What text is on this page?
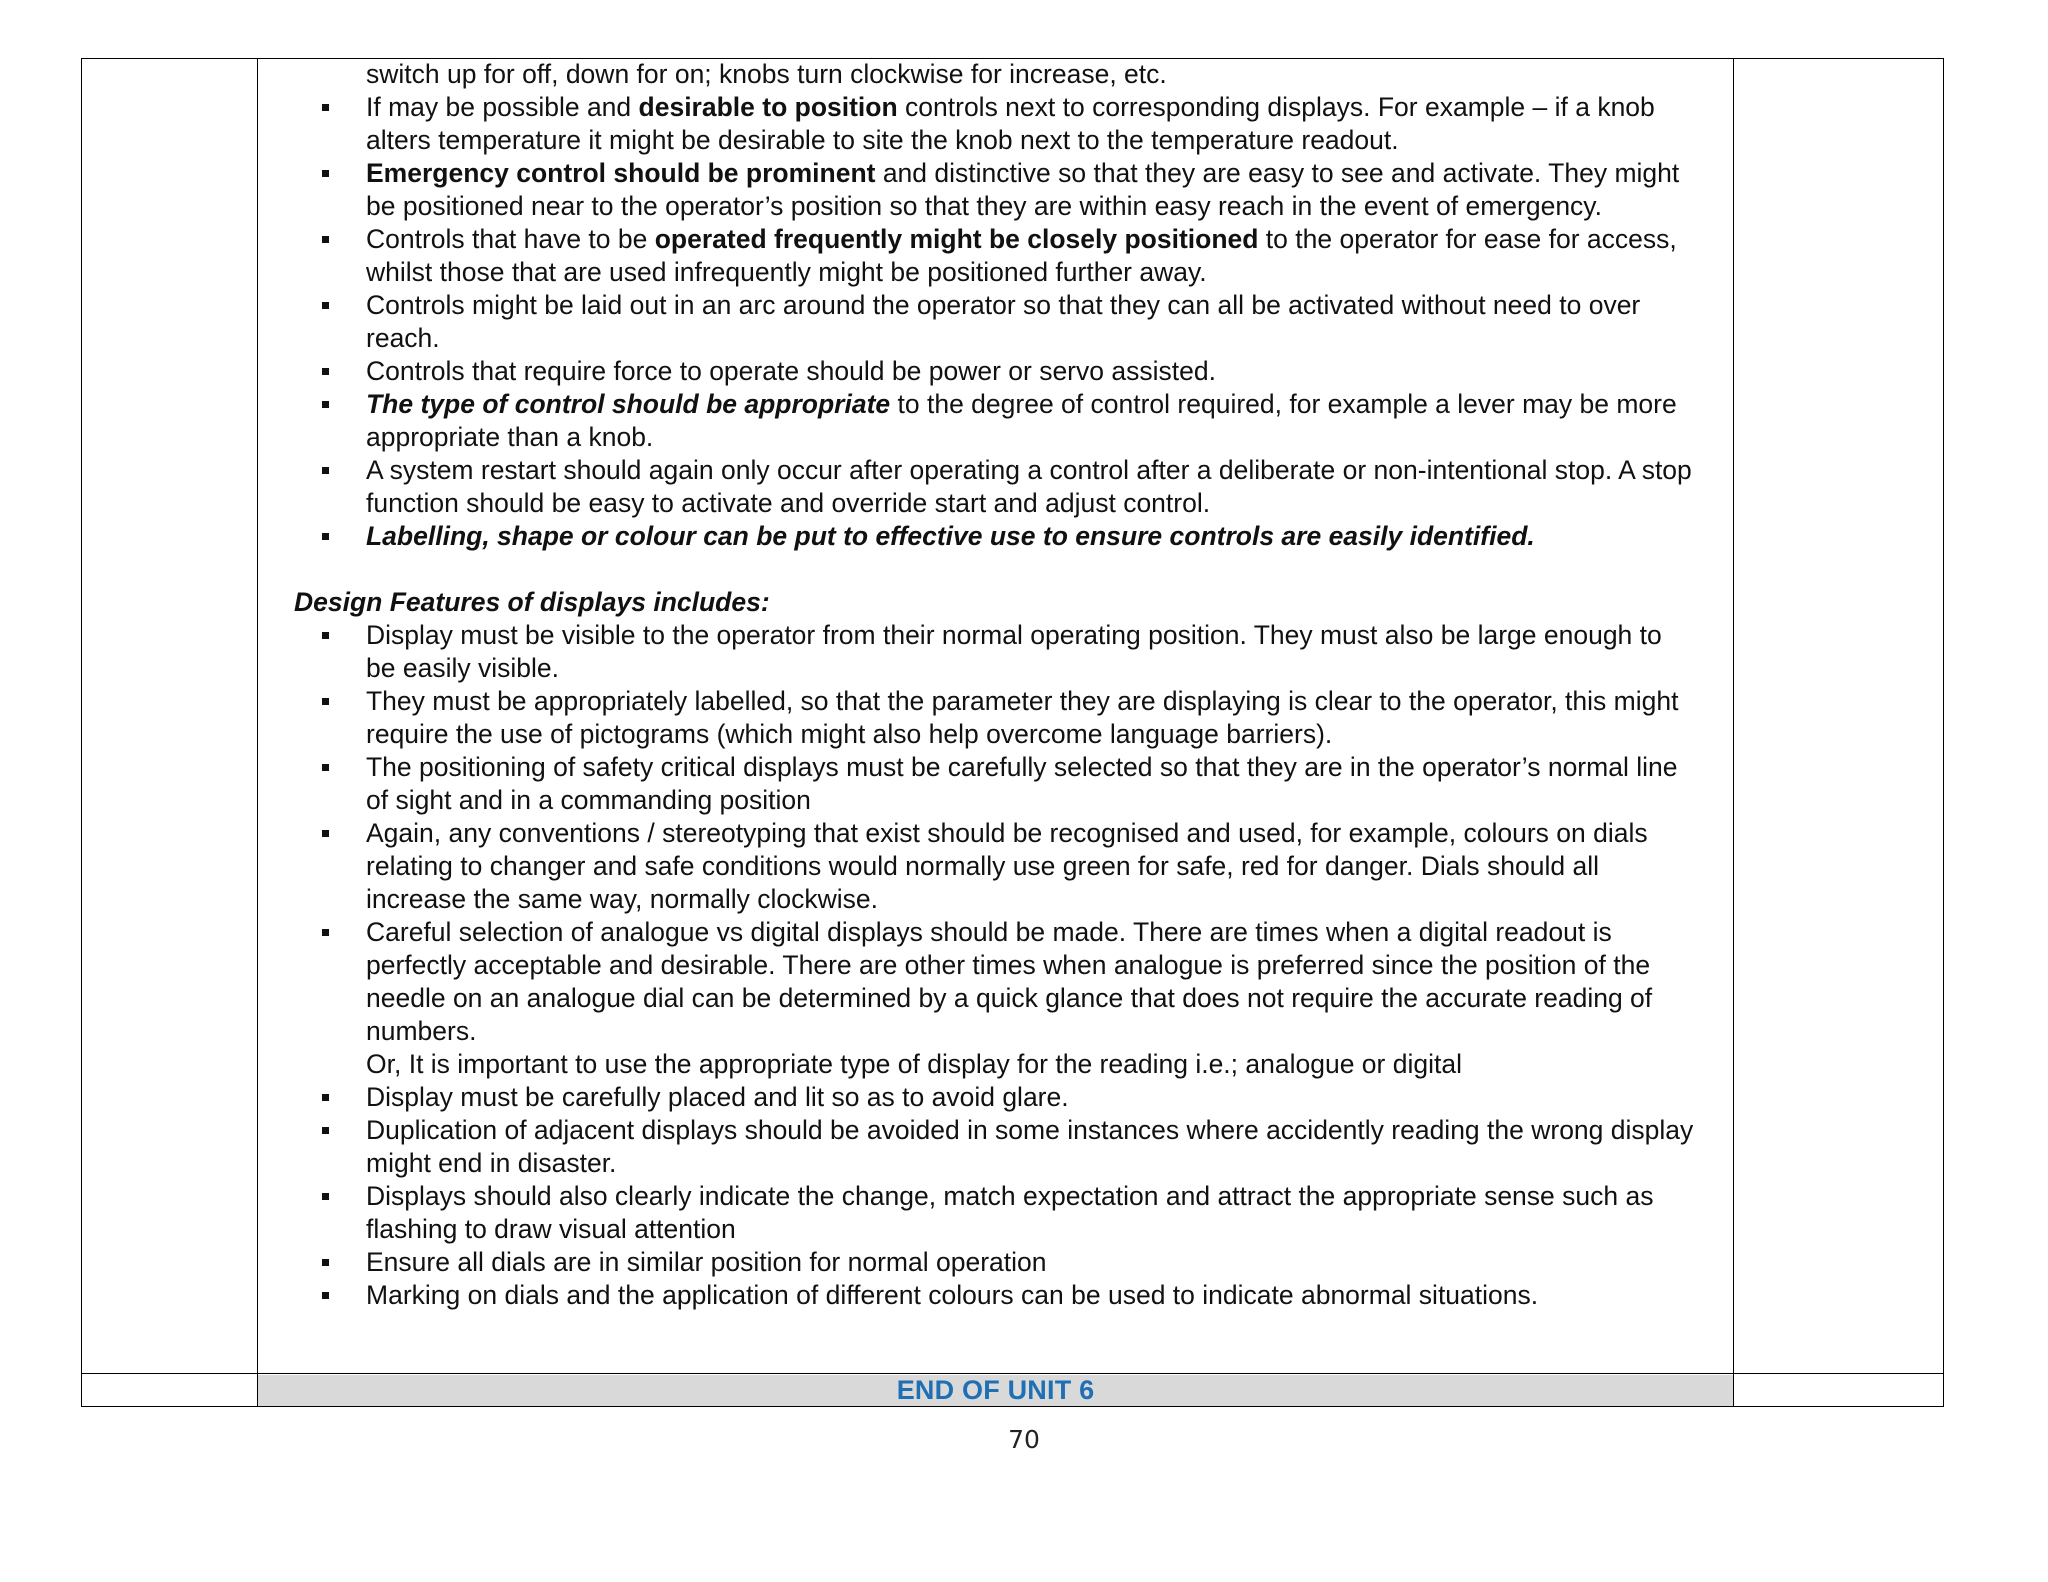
END OF UNIT 6
switch up for off, down for on; knobs turn clockwise for increase, etc.
If may be possible and desirable to position controls next to corresponding displays. For example – if a knob alters temperature it might be desirable to site the knob next to the temperature readout.
Emergency control should be prominent and distinctive so that they are easy to see and activate. They might be positioned near to the operator’s position so that they are within easy reach in the event of emergency.
Controls that have to be operated frequently might be closely positioned to the operator for ease for access, whilst those that are used infrequently might be positioned further away.
Controls might be laid out in an arc around the operator so that they can all be activated without need to over reach.
Controls that require force to operate should be power or servo assisted.
The type of control should be appropriate to the degree of control required, for example a lever may be more appropriate than a knob.
A system restart should again only occur after operating a control after a deliberate or non-intentional stop. A stop function should be easy to activate and override start and adjust control.
Labelling, shape or colour can be put to effective use to ensure controls are easily identified.
Design Features of displays includes:
Display must be visible to the operator from their normal operating position. They must also be large enough to be easily visible.
They must be appropriately labelled, so that the parameter they are displaying is clear to the operator, this might require the use of pictograms (which might also help overcome language barriers).
The positioning of safety critical displays must be carefully selected so that they are in the operator’s normal line of sight and in a commanding position
Again, any conventions / stereotyping that exist should be recognised and used, for example, colours on dials relating to changer and safe conditions would normally use green for safe, red for danger. Dials should all increase the same way, normally clockwise.
Careful selection of analogue vs digital displays should be made. There are times when a digital readout is perfectly acceptable and desirable. There are other times when analogue is preferred since the position of the needle on an analogue dial can be determined by a quick glance that does not require the accurate reading of numbers.
Or, It is important to use the appropriate type of display for the reading i.e.; analogue or digital
Display must be carefully placed and lit so as to avoid glare.
Duplication of adjacent displays should be avoided in some instances where accidently reading the wrong display might end in disaster.
Displays should also clearly indicate the change, match expectation and attract the appropriate sense such as flashing to draw visual attention
Ensure all dials are in similar position for normal operation
Marking on dials and the application of different colours can be used to indicate abnormal situations.
70
